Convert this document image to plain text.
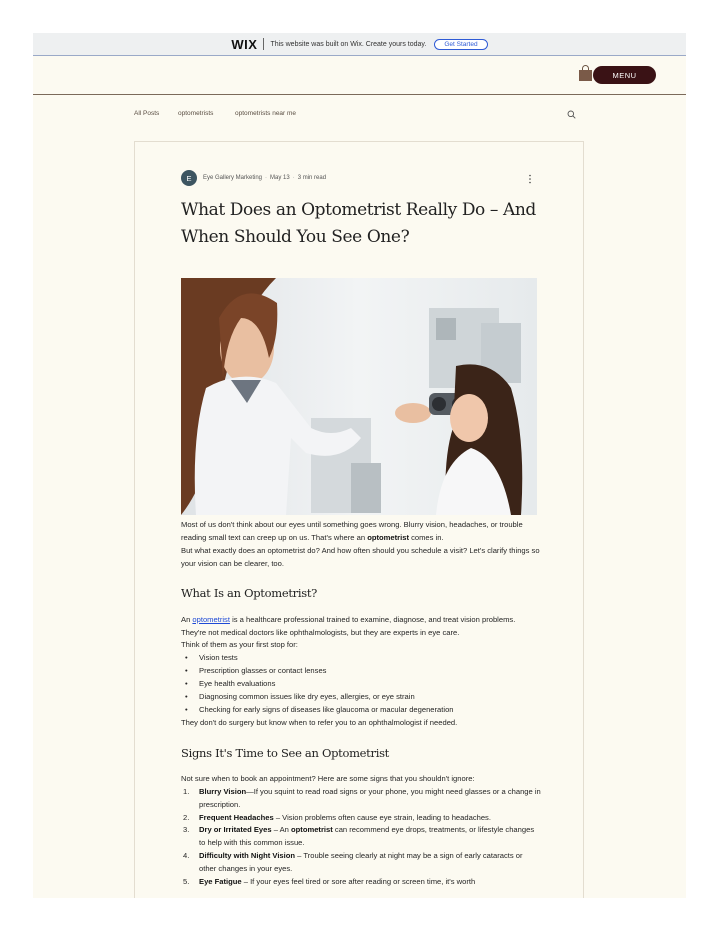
WIX This website was built on Wix. Create yours today.	Get Started
MENU
All Posts	optometrists	optometrists near me
E	Eye Gallery Marketing · May 13 · 3 min read
What Does an Optometrist Really Do – And When Should You See One?

Most of us don't think about our eyes until something goes wrong. Blurry vision, headaches, or trouble reading small text can creep up on us. That's where an optometrist comes in.

But what exactly does an optometrist do? And how often should you schedule a visit? Let's clarify things so your vision can be clearer, too.

What Is an Optometrist?

An optometrist is a healthcare professional trained to examine, diagnose, and treat vision problems. They're not medical doctors like ophthalmologists, but they are experts in eye care.

Think of them as your first stop for:

• Vision tests
• Prescription glasses or contact lenses
• Eye health evaluations
• Diagnosing common issues like dry eyes, allergies, or eye strain
• Checking for early signs of diseases like glaucoma or macular degeneration

They don't do surgery but know when to refer you to an ophthalmologist if needed.

Signs It's Time to See an Optometrist

Not sure when to book an appointment? Here are some signs that you shouldn't ignore:

1. Blurry Vision—If you squint to read road signs or your phone, you might need glasses or a change in prescription.
2. Frequent Headaches – Vision problems often cause eye strain, leading to headaches.
3. Dry or Irritated Eyes – An optometrist can recommend eye drops, treatments, or lifestyle changes to help with this common issue.
4. Difficulty with Night Vision – Trouble seeing clearly at night may be a sign of early cataracts or other changes in your eyes.
5. Eye Fatigue – If your eyes feel tired or sore after reading or screen time, it's worth
